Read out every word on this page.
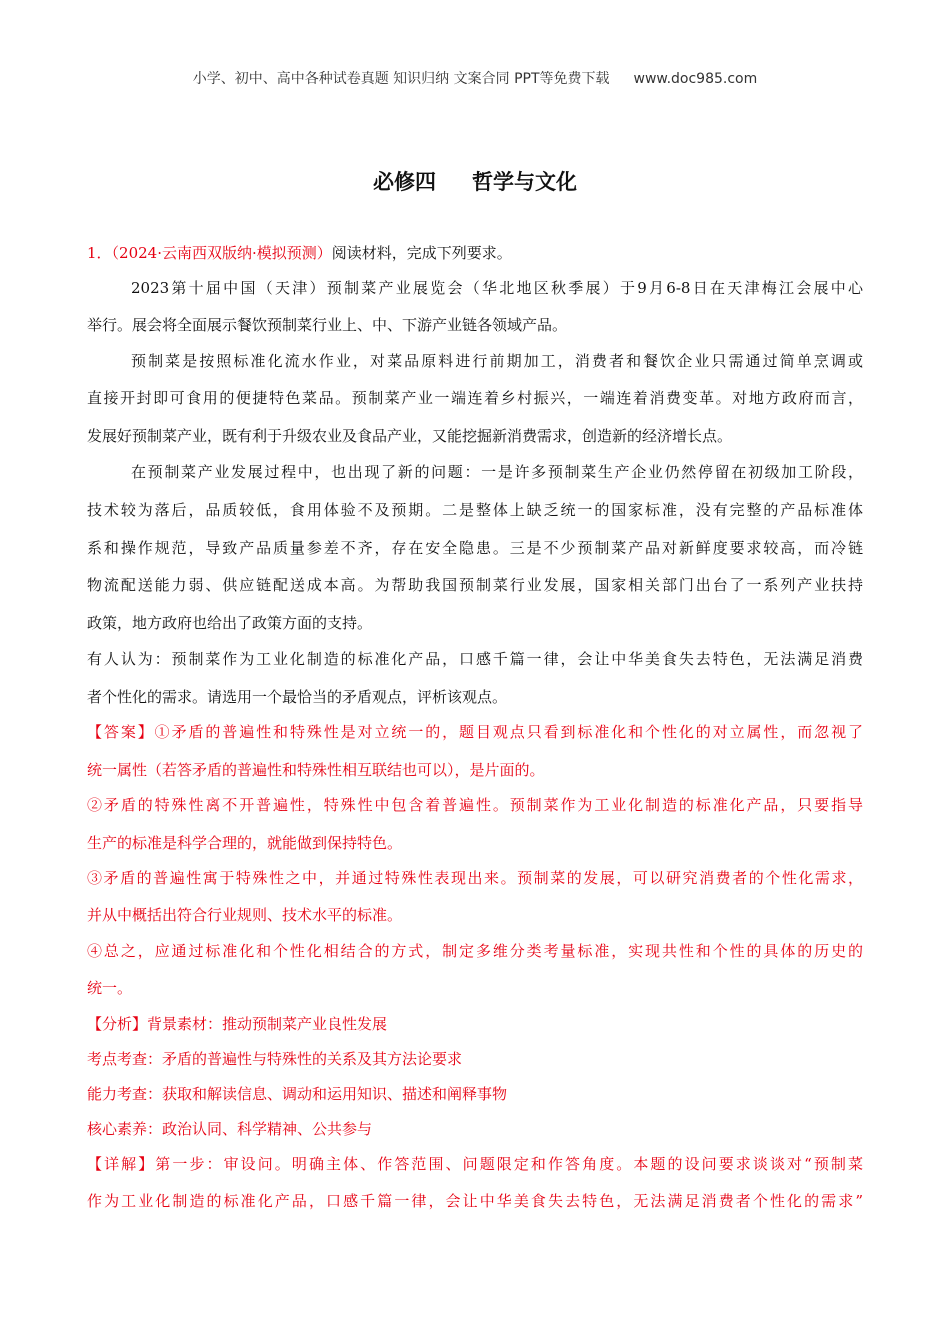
小学、初中、高中各种试卷真题 知识归纳 文案合同 PPT等免费下载 www.doc985.com
必修四 哲学与文化
1．（2024·云南西双版纳·模拟预测）阅读材料，完成下列要求。
2023第十届中国（天津）预制菜产业展览会（华北地区秋季展）于9月6-8日在天津梅江会展中心
举行。展会将全面展示餐饮预制菜行业上、中、下游产业链各领域产品。
预制菜是按照标准化流水作业，对菜品原料进行前期加工，消费者和餐饮企业只需通过简单烹调或
直接开封即可食用的便捷特色菜品。预制菜产业一端连着乡村振兴，一端连着消费变革。对地方政府而言，
发展好预制菜产业，既有利于升级农业及食品产业，又能挖掘新消费需求，创造新的经济增长点。
在预制菜产业发展过程中，也出现了新的问题：一是许多预制菜生产企业仍然停留在初级加工阶段，
技术较为落后，品质较低，食用体验不及预期。二是整体上缺乏统一的国家标准，没有完整的产品标准体
系和操作规范，导致产品质量参差不齐，存在安全隐患。三是不少预制菜产品对新鲜度要求较高，而冷链
物流配送能力弱、供应链配送成本高。为帮助我国预制菜行业发展，国家相关部门出台了一系列产业扶持
政策，地方政府也给出了政策方面的支持。
有人认为：预制菜作为工业化制造的标准化产品，口感千篇一律，会让中华美食失去特色，无法满足消费
者个性化的需求。请选用一个最恰当的矛盾观点，评析该观点。
【答案】①矛盾的普遍性和特殊性是对立统一的，题目观点只看到标准化和个性化的对立属性，而忽视了
统一属性（若答矛盾的普遍性和特殊性相互联结也可以），是片面的。
②矛盾的特殊性离不开普遍性，特殊性中包含着普遍性。预制菜作为工业化制造的标准化产品，只要指导
生产的标准是科学合理的，就能做到保持特色。
③矛盾的普遍性寓于特殊性之中，并通过特殊性表现出来。预制菜的发展，可以研究消费者的个性化需求，
并从中概括出符合行业规则、技术水平的标准。
④总之，应通过标准化和个性化相结合的方式，制定多维分类考量标准，实现共性和个性的具体的历史的
统一。
【分析】背景素材：推动预制菜产业良性发展
考点考查：矛盾的普遍性与特殊性的关系及其方法论要求
能力考查：获取和解读信息、调动和运用知识、描述和阐释事物
核心素养：政治认同、科学精神、公共参与
【详解】第一步：审设问。明确主体、作答范围、问题限定和作答角度。本题的设问要求谈谈对“预制菜
作为工业化制造的标准化产品，口感千篇一律，会让中华美食失去特色，无法满足消费者个性化的需求”
